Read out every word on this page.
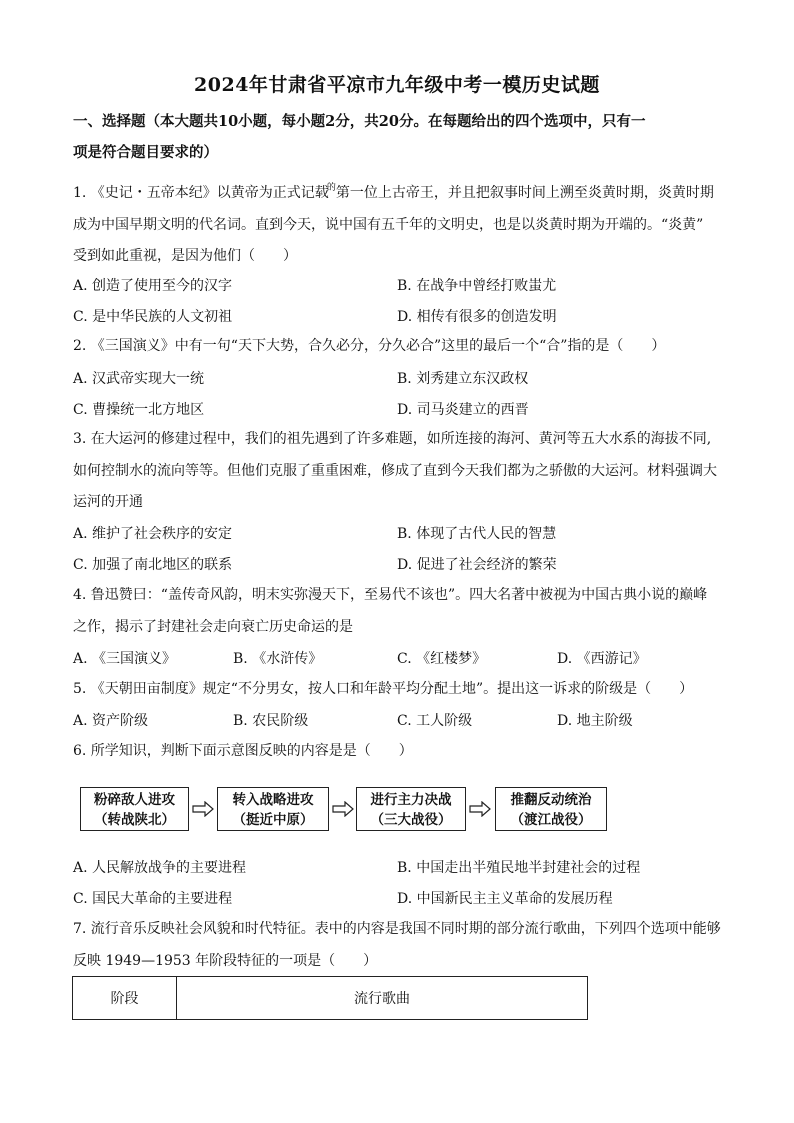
2024年甘肃省平凉市九年级中考一模历史试题
一、选择题（本大题共10小题，每小题2分，共20分。在每题给出的四个选项中，只有一
项是符合题目要求的）
1. 《史记・五帝本纪》以黄帝为正式记载$^的$第一位上古帝王，并且把叙事时间上溯至炎黄时期，炎黄时期
成为中国早期文明的代名词。直到今天，说中国有五千年的文明史，也是以炎黄时期为开端的。“炎黄”
受到如此重视，是因为他们（　　）
A. 创造了使用至今的汉字	B. 在战争中曾经打败蚩尤
C. 是中华民族的人文初祖	D. 相传有很多的创造发明
2. 《三国演义》中有一句“天下大势，合久必分，分久必合”这里的最后一个“合”指的是（　　）
A. 汉武帝实现大一统	B. 刘秀建立东汉政权
C. 曹操统一北方地区	D. 司马炎建立的西晋
3. 在大运河的修建过程中，我们的祖先遇到了许多难题，如所连接的海河、黄河等五大水系的海拔不同,
如何控制水的流向等等。但他们克服了重重困难，修成了直到今天我们都为之骄傲的大运河。材料强调大
运河的开通
A. 维护了社会秩序的安定	B. 体现了古代人民的智慧
C. 加强了南北地区的联系	D. 促进了社会经济的繁荣
4. 鲁迅赞曰：“盖传奇风韵，明末实弥漫天下，至易代不该也”。四大名著中被视为中国古典小说的巅峰
之作，揭示了封建社会走向衰亡历史命运的是
A. 《三国演义》	B. 《水浒传》	C. 《红楼梦》	D. 《西游记》
5. 《天朝田亩制度》规定“不分男女，按人口和年龄平均分配土地”。提出这一诉求的阶级是（　　）
A. 资产阶级	B. 农民阶级	C. 工人阶级	D. 地主阶级
6. 所学知识，判断下面示意图反映的内容是是（　　）
粉碎敌人进攻
（转战陕北）
转入战略进攻
（挺近中原）
进行主力决战
（三大战役）
推翻反动统治
（渡江战役）
A. 人民解放战争的主要进程	B. 中国走出半殖民地半封建社会的过程
C. 国民大革命的主要进程	D. 中国新民主主义革命的发展历程
7. 流行音乐反映社会风貌和时代特征。表中的内容是我国不同时期的部分流行歌曲，下列四个选项中能够
反映 1949—1953 年阶段特征的一项是（　　）
阶段	流行歌曲
